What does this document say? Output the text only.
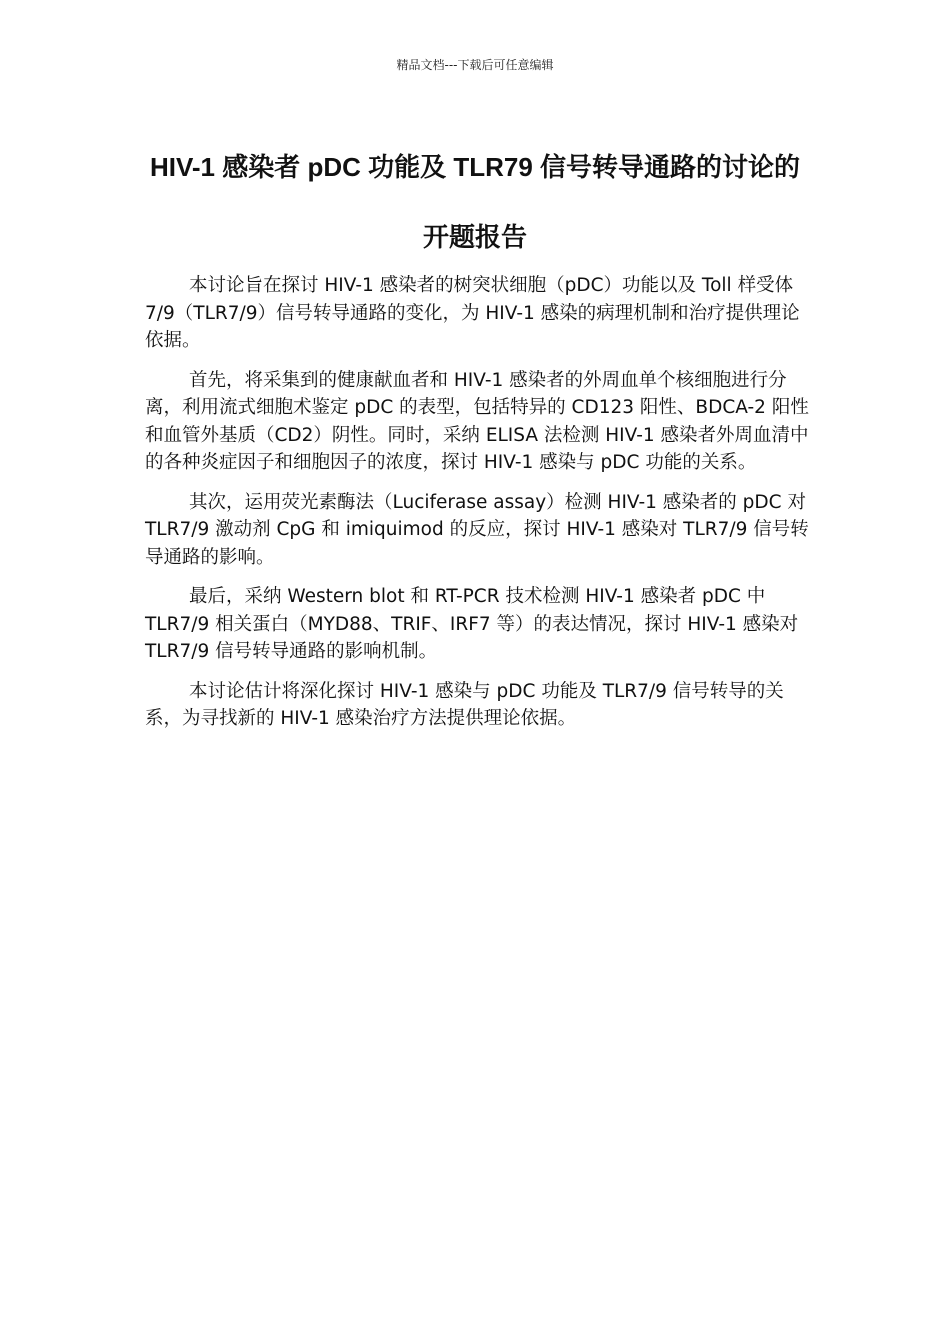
精品文档---下载后可任意编辑
HIV-1 感染者 pDC 功能及 TLR79 信号转导通路的讨论的开题报告

本讨论旨在探讨 HIV-1 感染者的树突状细胞（pDC）功能以及 Toll 样受体 7/9（TLR7/9）信号转导通路的变化，为 HIV-1 感染的病理机制和治疗提供理论依据。

首先，将采集到的健康献血者和 HIV-1 感染者的外周血单个核细胞进行分离，利用流式细胞术鉴定 pDC 的表型，包括特异的 CD123 阳性、BDCA-2 阳性和血管外基质（CD2）阴性。同时，采纳 ELISA 法检测 HIV-1 感染者外周血清中的各种炎症因子和细胞因子的浓度，探讨 HIV-1 感染与 pDC 功能的关系。

其次，运用荧光素酶法（Luciferase assay）检测 HIV-1 感染者的 pDC 对 TLR7/9 激动剂 CpG 和 imiquimod 的反应，探讨 HIV-1 感染对 TLR7/9 信号转导通路的影响。

最后，采纳 Western blot 和 RT-PCR 技术检测 HIV-1 感染者 pDC 中 TLR7/9 相关蛋白（MYD88、TRIF、IRF7 等）的表达情况，探讨 HIV-1 感染对 TLR7/9 信号转导通路的影响机制。

本讨论估计将深化探讨 HIV-1 感染与 pDC 功能及 TLR7/9 信号转导的关系，为寻找新的 HIV-1 感染治疗方法提供理论依据。
